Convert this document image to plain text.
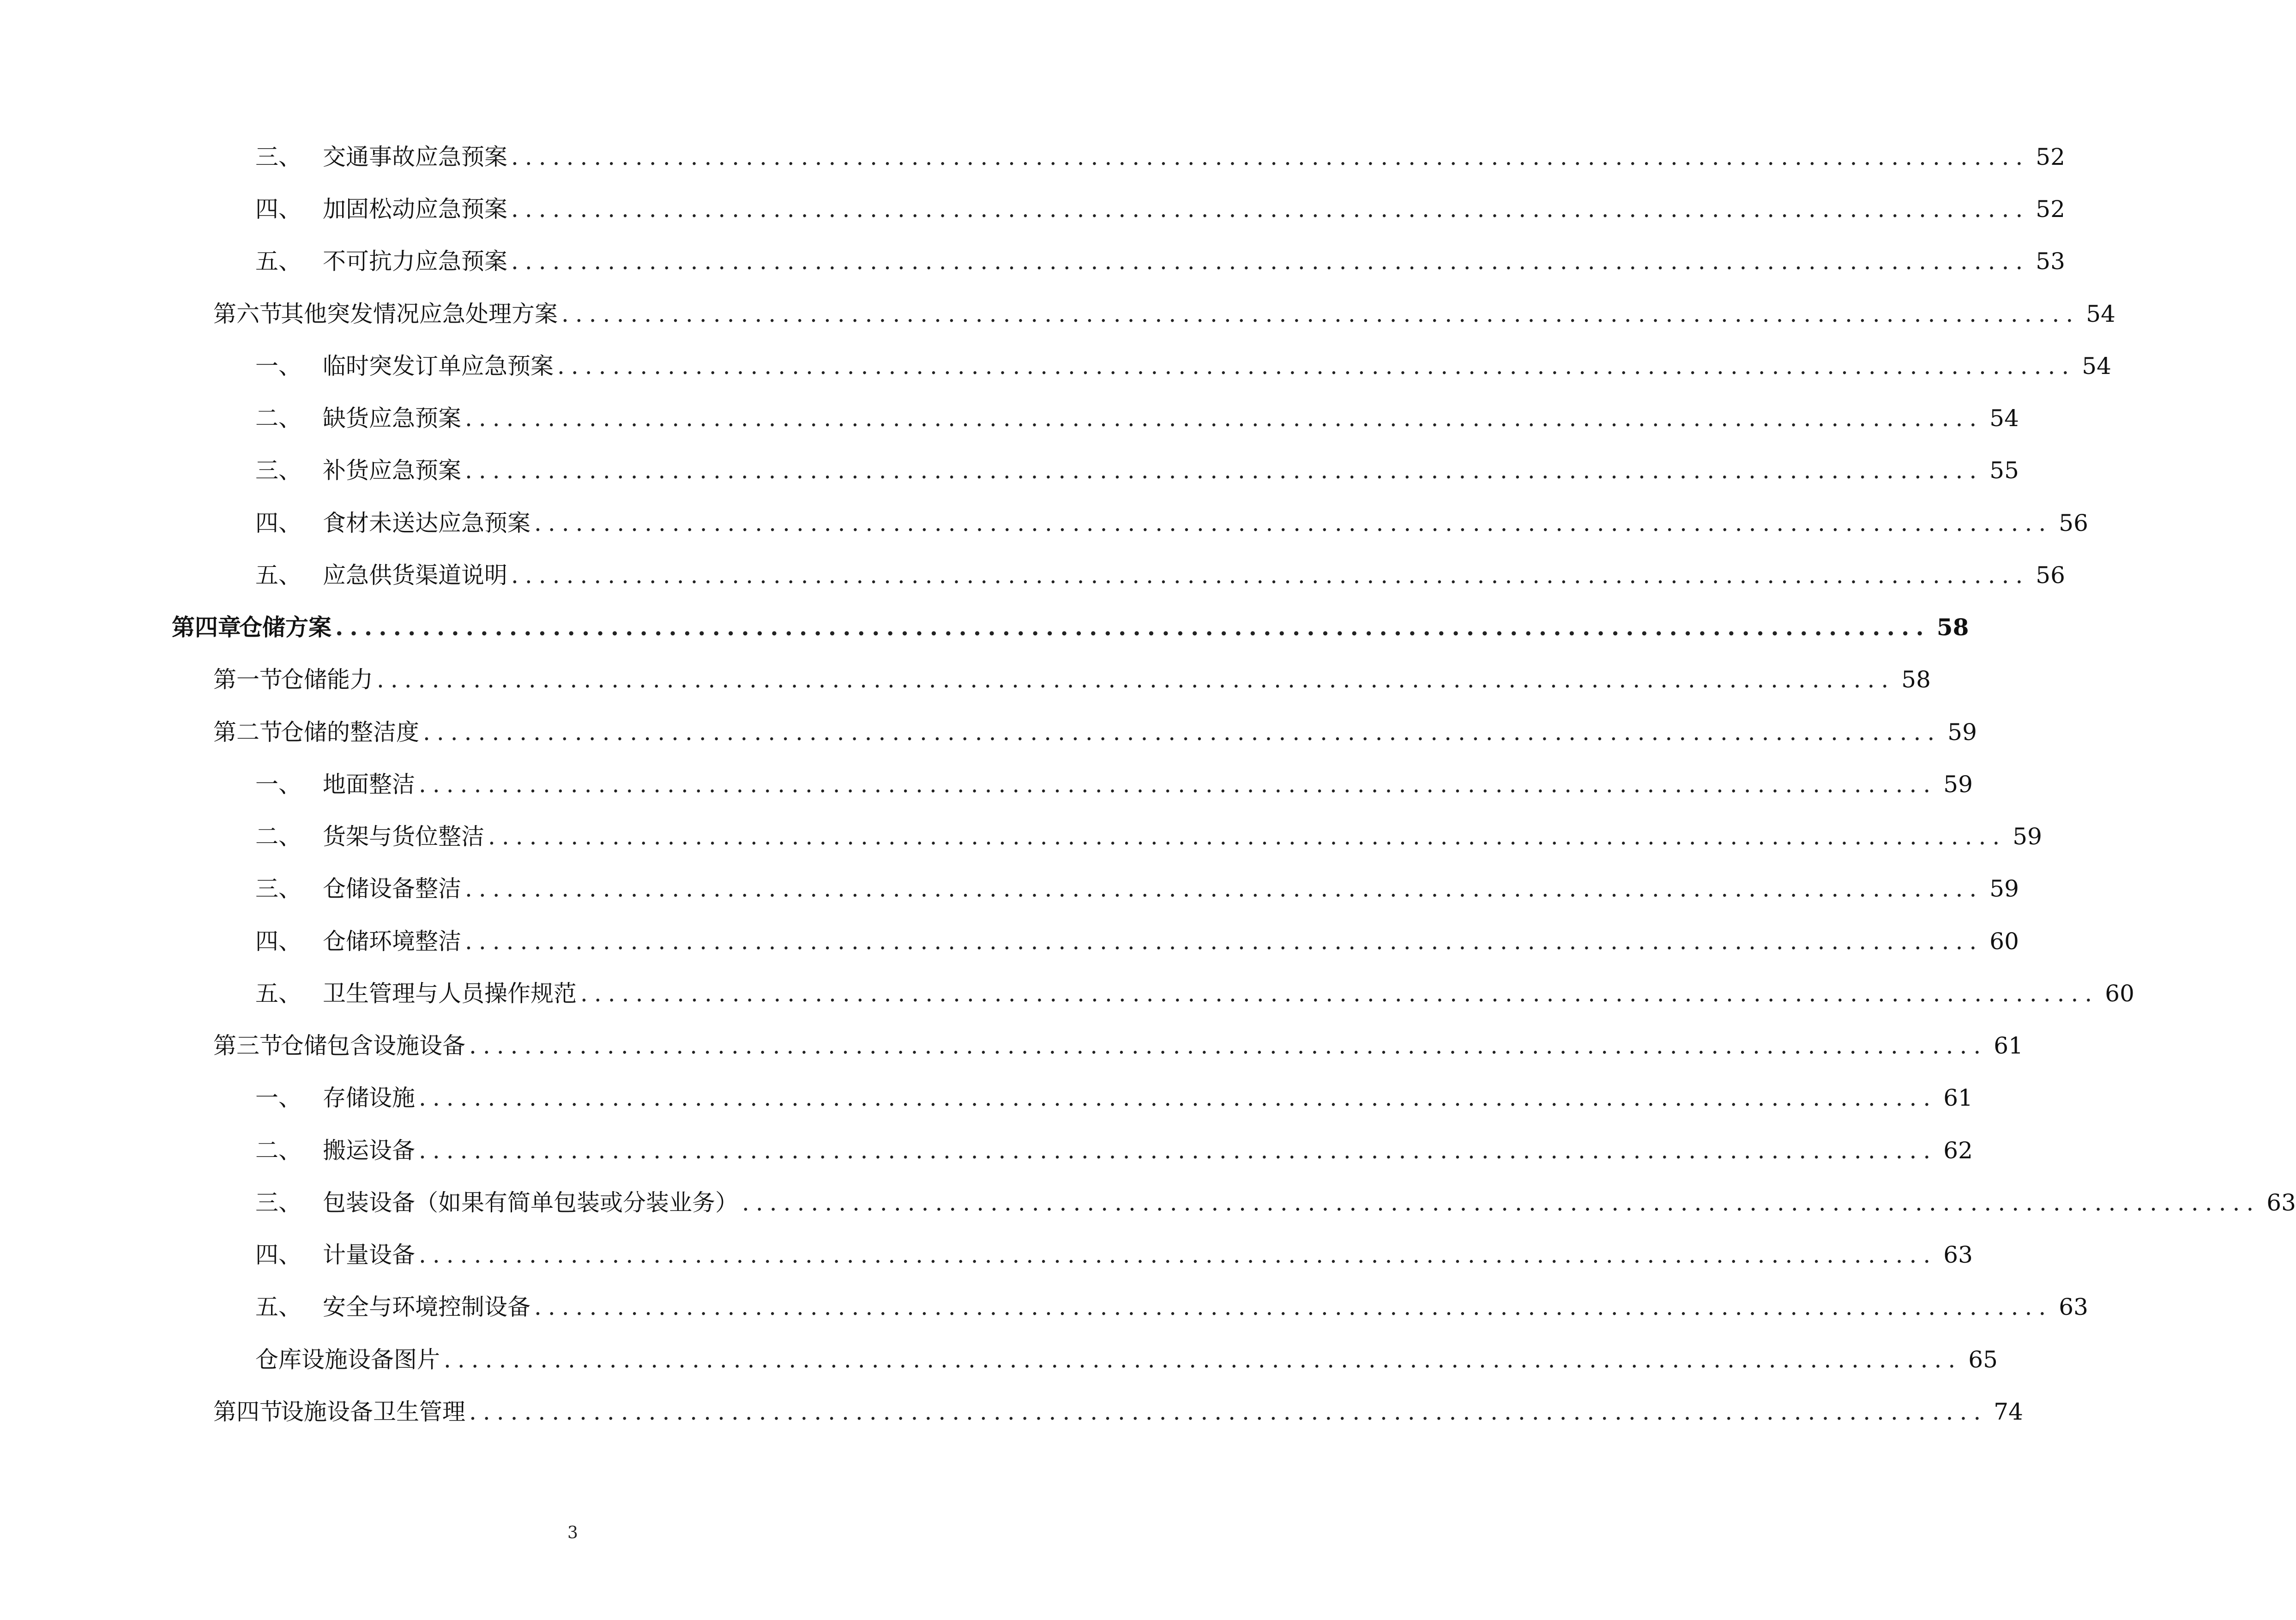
三、 交通事故应急预案 .............................................................................................................. 52
四、 加固松动应急预案 .............................................................................................................. 52
五、 不可抗力应急预案 .............................................................................................................. 53
第六节
其他突发情况应急处理方案 .............................................................................................................. 54
一、 临时突发订单应急预案 .............................................................................................................. 54
二、 缺货应急预案 .............................................................................................................. 54
三、 补货应急预案 .............................................................................................................. 55
四、 食材未送达应急预案 .............................................................................................................. 56
五、 应急供货渠道说明 .............................................................................................................. 56
第四章
仓储方案 .............................................................................................................. 58
第一节
仓储能力 .............................................................................................................. 58
第二节
仓储的整洁度 .............................................................................................................. 59
一、 地面整洁 .............................................................................................................. 59
二、 货架与货位整洁 .............................................................................................................. 59
三、 仓储设备整洁 .............................................................................................................. 59
四、 仓储环境整洁 .............................................................................................................. 60
五、 卫生管理与人员操作规范 .............................................................................................................. 60
第三节
仓储包含设施设备 .............................................................................................................. 61
一、 存储设施 .............................................................................................................. 61
二、 搬运设备 .............................................................................................................. 62
三、 包装设备（如果有简单包装或分装业务） .............................................................................................................. 63
四、 计量设备 .............................................................................................................. 63
五、 安全与环境控制设备 .............................................................................................................. 63
仓库设施设备图片 .............................................................................................................. 65
第四节
设施设备卫生管理 .............................................................................................................. 74
3
